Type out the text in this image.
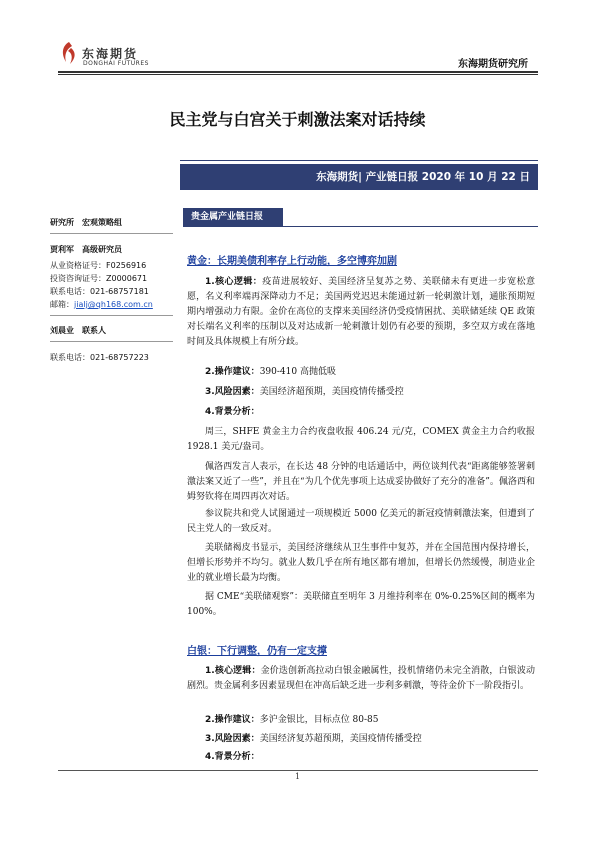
东海期货
DONGHAI FUTURES	东海期货研究所
民主党与白宫关于刺激法案对话持续
东海期货| 产业链日报 2020 年 10 月 22 日
研究所　宏观策略组
贾利军　高级研究员
从业资格证号：F0256916
投资咨询证号：Z0000671
联系电话：021-68757181
邮箱：jialj@qh168.com.cn
刘晨业　联系人
联系电话：021-68757223
贵金属产业链日报
黄金：长期美债利率存上行动能，多空博弈加剧
1.核心逻辑：疫苗进展较好、美国经济呈复苏之势、美联储未有更进一步宽松意愿，名义利率端再深降动力不足；美国两党迟迟未能通过新一轮刺激计划，通胀预期短期内增强动力有限。金价在高位的支撑来美国经济仍受疫情困扰、美联储延续 QE 政策对长端名义利率的压制以及对达成新一轮刺激计划仍有必要的预期，多空双方或在落地时间及具体规模上有所分歧。
2.操作建议：390-410 高抛低吸
3.风险因素：美国经济超预期，美国疫情传播受控
4.背景分析：
周三，SHFE 黄金主力合约夜盘收报 406.24 元/克，COMEX 黄金主力合约收报 1928.1 美元/盎司。
佩洛西发言人表示，在长达 48 分钟的电话通话中，两位谈判代表“距离能够签署刺激法案又近了一些”，并且在“为几个优先事项上达成妥协做好了充分的准备”。佩洛西和姆努钦将在周四再次对话。
参议院共和党人试图通过一项规模近 5000 亿美元的新冠疫情刺激法案，但遭到了民主党人的一致反对。
美联储褐皮书显示，美国经济继续从卫生事件中复苏，并在全国范围内保持增长，但增长形势并不均匀。就业人数几乎在所有地区都有增加，但增长仍然缓慢，制造业企业的就业增长最为均衡。
据 CME“美联储观察”：美联储直至明年 3 月维持利率在 0%-0.25%区间的概率为 100%。
白银：下行调整，仍有一定支撑
1.核心逻辑：金价迭创新高拉动白银金融属性，投机情绪仍未完全消散，白银波动剧烈。贵金属利多因素显现但在冲高后缺乏进一步利多刺激，等待金价下一阶段指引。
2.操作建议：多沪金银比，目标点位 80-85
3.风险因素：美国经济复苏超预期，美国疫情传播受控
4.背景分析：
1
